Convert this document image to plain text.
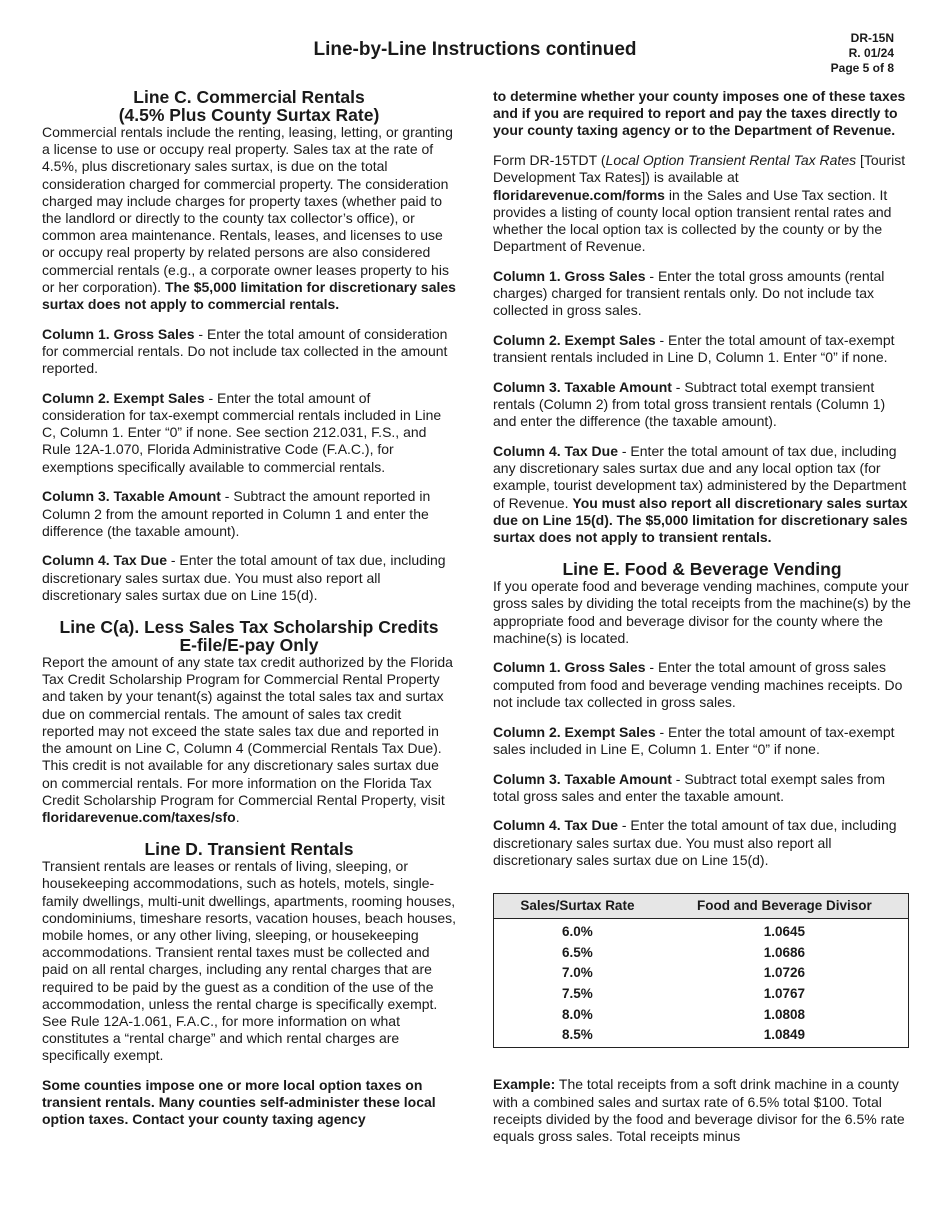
DR-15N
R. 01/24
Page 5 of 8
Line-by-Line Instructions continued
Line C. Commercial Rentals
(4.5% Plus County Surtax Rate)

Commercial rentals include the renting, leasing, letting, or granting a license to use or occupy real property. Sales tax at the rate of 4.5%, plus discretionary sales surtax, is due on the total consideration charged for commercial property. The consideration charged may include charges for property taxes (whether paid to the landlord or directly to the county tax collector’s office), or common area maintenance. Rentals, leases, and licenses to use or occupy real property by related persons are also considered commercial rentals (e.g., a corporate owner leases property to his or her corporation). The $5,000 limitation for discretionary sales surtax does not apply to commercial rentals.

Column 1. Gross Sales - Enter the total amount of consideration for commercial rentals. Do not include tax collected in the amount reported.

Column 2. Exempt Sales - Enter the total amount of consideration for tax-exempt commercial rentals included in Line C, Column 1. Enter “0” if none. See section 212.031, F.S., and Rule 12A-1.070, Florida Administrative Code (F.A.C.), for exemptions specifically available to commercial rentals.

Column 3. Taxable Amount - Subtract the amount reported in Column 2 from the amount reported in Column 1 and enter the difference (the taxable amount).

Column 4. Tax Due - Enter the total amount of tax due, including discretionary sales surtax due. You must also report all discretionary sales surtax due on Line 15(d).

Line C(a). Less Sales Tax Scholarship Credits
E-file/E-pay Only

Report the amount of any state tax credit authorized by the Florida Tax Credit Scholarship Program for Commercial Rental Property and taken by your tenant(s) against the total sales tax and surtax due on commercial rentals. The amount of sales tax credit reported may not exceed the state sales tax due and reported in the amount on Line C, Column 4 (Commercial Rentals Tax Due). This credit is not available for any discretionary sales surtax due on commercial rentals. For more information on the Florida Tax Credit Scholarship Program for Commercial Rental Property, visit floridarevenue.com/taxes/sfo.

Line D. Transient Rentals

Transient rentals are leases or rentals of living, sleeping, or housekeeping accommodations, such as hotels, motels, single-family dwellings, multi-unit dwellings, apartments, rooming houses, condominiums, timeshare resorts, vacation houses, beach houses, mobile homes, or any other living, sleeping, or housekeeping accommodations. Transient rental taxes must be collected and paid on all rental charges, including any rental charges that are required to be paid by the guest as a condition of the use of the accommodation, unless the rental charge is specifically exempt. See Rule 12A-1.061, F.A.C., for more information on what constitutes a “rental charge” and which rental charges are specifically exempt.

Some counties impose one or more local option taxes on transient rentals. Many counties self-administer these local option taxes. Contact your county taxing agency

to determine whether your county imposes one of these taxes and if you are required to report and pay the taxes directly to your county taxing agency or to the Department of Revenue.

Form DR-15TDT (Local Option Transient Rental Tax Rates [Tourist Development Tax Rates]) is available at floridarevenue.com/forms in the Sales and Use Tax section. It provides a listing of county local option transient rental rates and whether the local option tax is collected by the county or by the Department of Revenue.

Column 1. Gross Sales - Enter the total gross amounts (rental charges) charged for transient rentals only. Do not include tax collected in gross sales.

Column 2. Exempt Sales - Enter the total amount of tax-exempt transient rentals included in Line D, Column 1. Enter “0” if none.

Column 3. Taxable Amount - Subtract total exempt transient rentals (Column 2) from total gross transient rentals (Column 1) and enter the difference (the taxable amount).

Column 4. Tax Due - Enter the total amount of tax due, including any discretionary sales surtax due and any local option tax (for example, tourist development tax) administered by the Department of Revenue. You must also report all discretionary sales surtax due on Line 15(d). The $5,000 limitation for discretionary sales surtax does not apply to transient rentals.

Line E. Food & Beverage Vending

If you operate food and beverage vending machines, compute your gross sales by dividing the total receipts from the machine(s) by the appropriate food and beverage divisor for the county where the machine(s) is located.

Column 1. Gross Sales - Enter the total amount of gross sales computed from food and beverage vending machines receipts. Do not include tax collected in gross sales.

Column 2. Exempt Sales - Enter the total amount of tax-exempt sales included in Line E, Column 1. Enter “0” if none.

Column 3. Taxable Amount - Subtract total exempt sales from total gross sales and enter the taxable amount.

Column 4. Tax Due - Enter the total amount of tax due, including discretionary sales surtax due. You must also report all discretionary sales surtax due on Line 15(d).

Sales/Surtax Rate	Food and Beverage Divisor
6.0%	1.0645
6.5%	1.0686
7.0%	1.0726
7.5%	1.0767
8.0%	1.0808
8.5%	1.0849

Example: The total receipts from a soft drink machine in a county with a combined sales and surtax rate of 6.5% total $100. Total receipts divided by the food and beverage divisor for the 6.5% rate equals gross sales. Total receipts minus
